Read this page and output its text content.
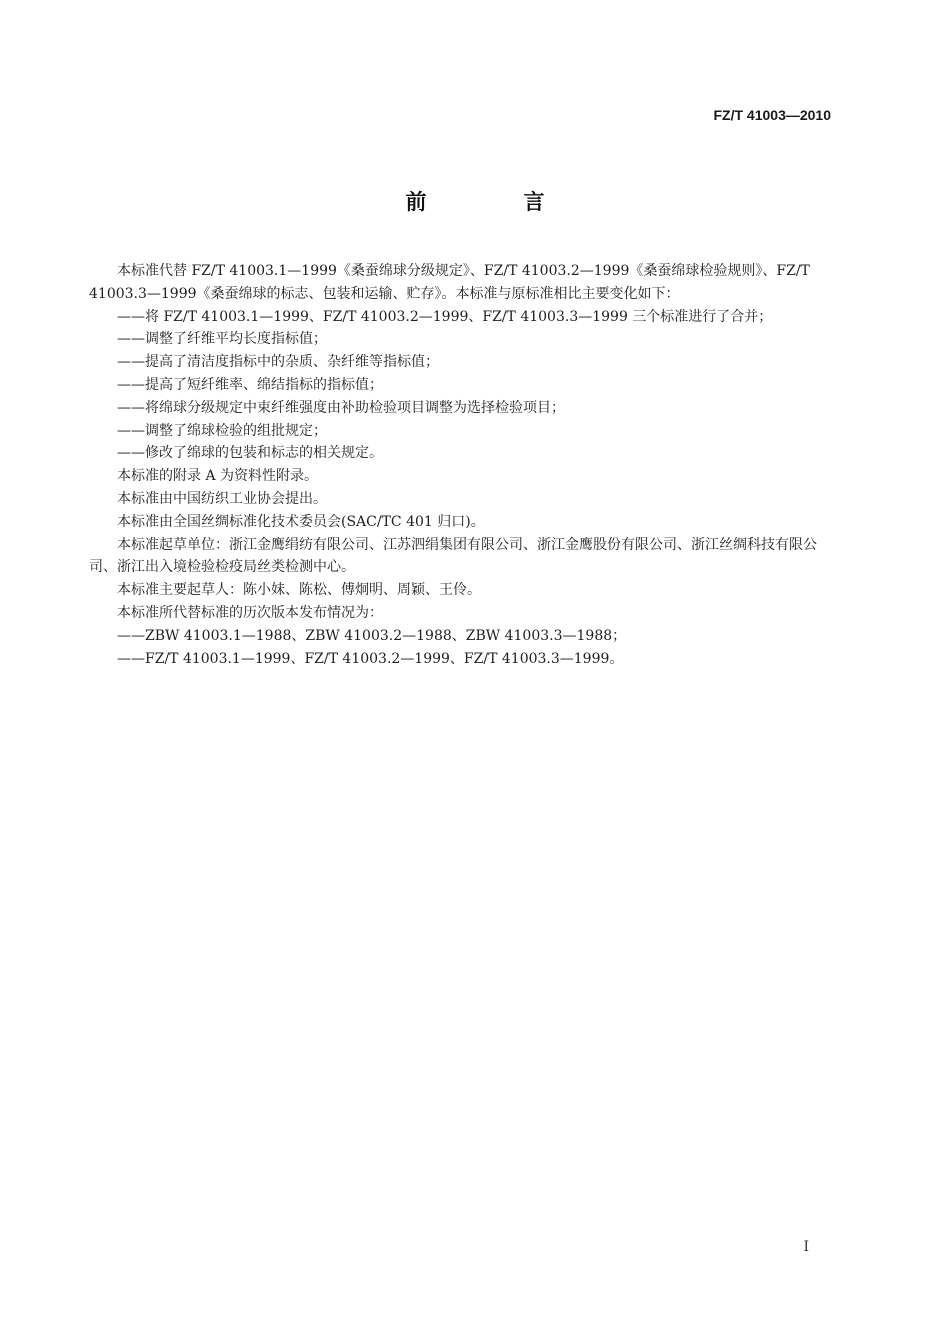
FZ/T 41003—2010
前　言

本标准代替 FZ/T 41003.1—1999《桑蚕绵球分级规定》、FZ/T 41003.2—1999《桑蚕绵球检验规则》、FZ/T 41003.3—1999《桑蚕绵球的标志、包装和运输、贮存》。本标准与原标准相比主要变化如下：

——将 FZ/T 41003.1—1999、FZ/T 41003.2—1999、FZ/T 41003.3—1999 三个标准进行了合并；

——调整了纤维平均长度指标值；

——提高了清洁度指标中的杂质、杂纤维等指标值；

——提高了短纤维率、绵结指标的指标值；

——将绵球分级规定中束纤维强度由补助检验项目调整为选择检验项目；

——调整了绵球检验的组批规定；

——修改了绵球的包装和标志的相关规定。

本标准的附录 A 为资料性附录。

本标准由中国纺织工业协会提出。

本标准由全国丝绸标准化技术委员会(SAC/TC 401 归口)。

本标准起草单位：浙江金鹰绢纺有限公司、江苏泗绢集团有限公司、浙江金鹰股份有限公司、浙江丝绸科技有限公司、浙江出入境检验检疫局丝类检测中心。

本标准主要起草人：陈小妹、陈松、傅炯明、周颖、王伶。

本标准所代替标准的历次版本发布情况为：

——ZBW 41003.1—1988、ZBW 41003.2—1988、ZBW 41003.3—1988；

——FZ/T 41003.1—1999、FZ/T 41003.2—1999、FZ/T 41003.3—1999。

I
